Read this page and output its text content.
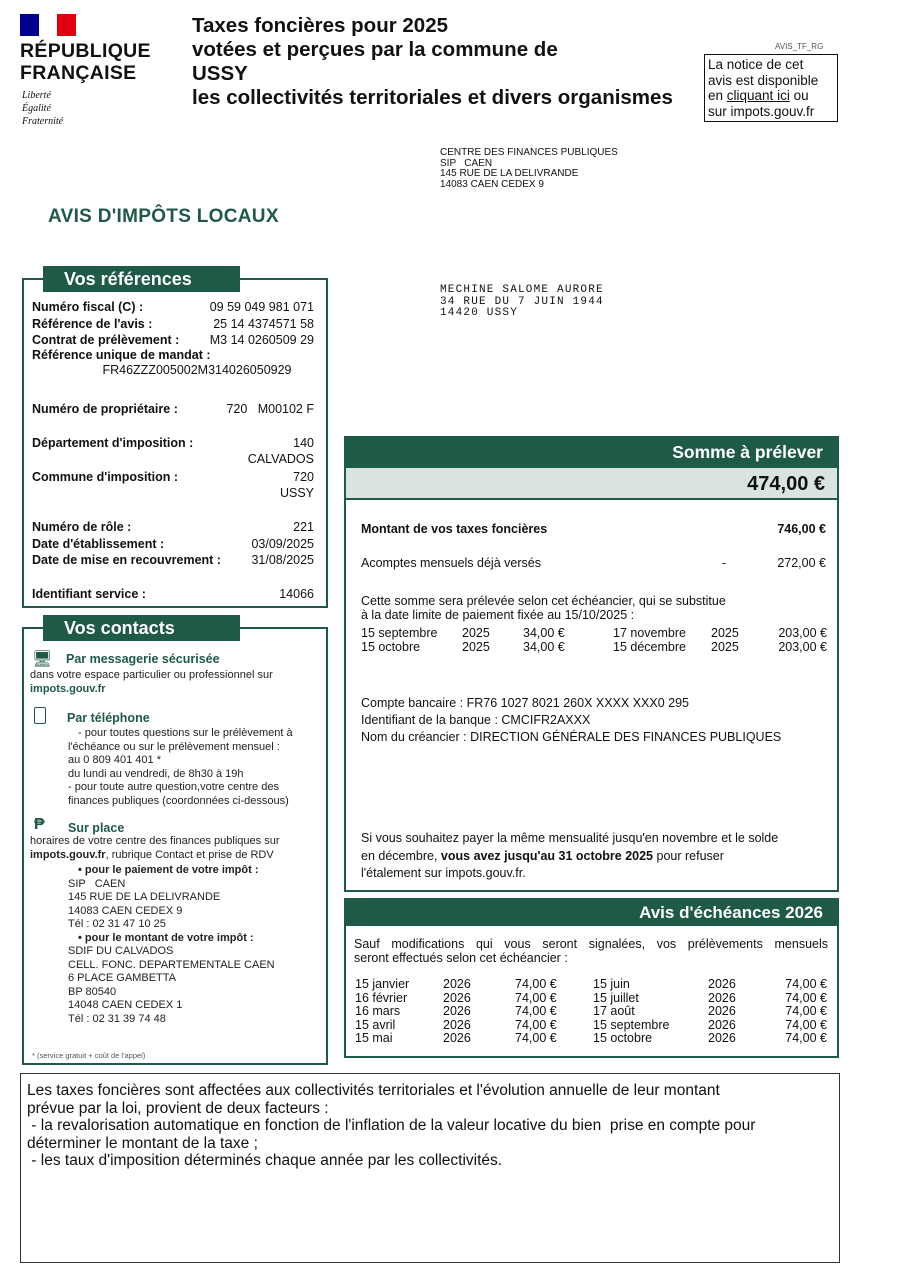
RÉPUBLIQUE
FRANÇAISE
Liberté
Égalité
Fraternité
Taxes foncières pour 2025
votées et perçues par la commune de
USSY
les collectivités territoriales et divers organismes
AVIS_TF_RG
La notice de cet
avis est disponible
en cliquant ici ou
sur impots.gouv.fr
CENTRE DES FINANCES PUBLIQUES
SIP   CAEN
145 RUE DE LA DELIVRANDE
14083 CAEN CEDEX 9
AVIS D'IMPÔTS LOCAUX
MECHINE SALOME AURORE
34 RUE DU 7 JUIN 1944
14420 USSY
Vos références
Numéro fiscal (C) :	09 59 049 981 071
Référence de l'avis :	25 14 4374571 58
Contrat de prélèvement : M3 14 0260509 29
Référence unique de mandat :
FR46ZZZ005002M314026050929
Numéro de propriétaire :	720   M00102 F
Département d'imposition :	140
CALVADOS
Commune d'imposition :	720
USSY
Numéro de rôle :	221
Date d'établissement :	03/09/2025
Date de mise en recouvrement : 31/08/2025
Identifiant service :	14066
Vos contacts
🖥 Par messagerie sécurisée
dans votre espace particulier ou professionnel sur
impots.gouv.fr
Par téléphone
- pour toutes questions sur le prélèvement à
l'échéance ou sur le prélèvement mensuel :
au 0 809 401 401 *
du lundi au vendredi, de 8h30 à 19h
- pour toute autre question,votre centre des
finances publiques (coordonnées ci-dessous)
₱ Sur place
horaires de votre centre des finances publiques sur
impots.gouv.fr, rubrique Contact et prise de RDV
• pour le paiement de votre impôt :
SIP   CAEN
145 RUE DE LA DELIVRANDE
14083 CAEN CEDEX 9
Tél : 02 31 47 10 25
• pour le montant de votre impôt :
SDIF DU CALVADOS
CELL. FONC. DEPARTEMENTALE CAEN
6 PLACE GAMBETTA
BP 80540
14048 CAEN CEDEX 1
Tél : 02 31 39 74 48
* (service gratuit + coût de l'appel)
Somme à prélever
474,00 €
Montant de vos taxes foncières	746,00 €
Acomptes mensuels déjà versés	-	272,00 €
Cette somme sera prélevée selon cet échéancier, qui se substitue
à la date limite de paiement fixée au 15/10/2025 :
15 septembre 2025	34,00 €
15 octobre	2025	34,00 €
17 novembre 2025	203,00 €
15 décembre 2025	203,00 €
Compte bancaire : FR76 1027 8021 260X XXXX XXX0 295
Identifiant de la banque : CMCIFR2AXXX
Nom du créancier : DIRECTION GÉNÉRALE DES FINANCES PUBLIQUES
Si vous souhaitez payer la même mensualité jusqu'en novembre et le solde
en décembre, vous avez jusqu'au 31 octobre 2025 pour refuser
l'étalement sur impots.gouv.fr.
Avis d'échéances 2026
Sauf modifications qui vous seront signalées, vos prélèvements mensuels
seront effectués selon cet échéancier :
15 janvier	2026	74,00 €
16 février	2026	74,00 €
16 mars	2026	74,00 €
15 avril	2026	74,00 €
15 mai	2026	74,00 €
15 juin	2026	74,00 €
15 juillet	2026	74,00 €
17 août	2026	74,00 €
15 septembre	2026	74,00 €
15 octobre	2026	74,00 €
Les taxes foncières sont affectées aux collectivités territoriales et l'évolution annuelle de leur montant
prévue par la loi, provient de deux facteurs :
- la revalorisation automatique en fonction de l'inflation de la valeur locative du bien  prise en compte pour
déterminer le montant de la taxe ;
- les taux d'imposition déterminés chaque année par les collectivités.
